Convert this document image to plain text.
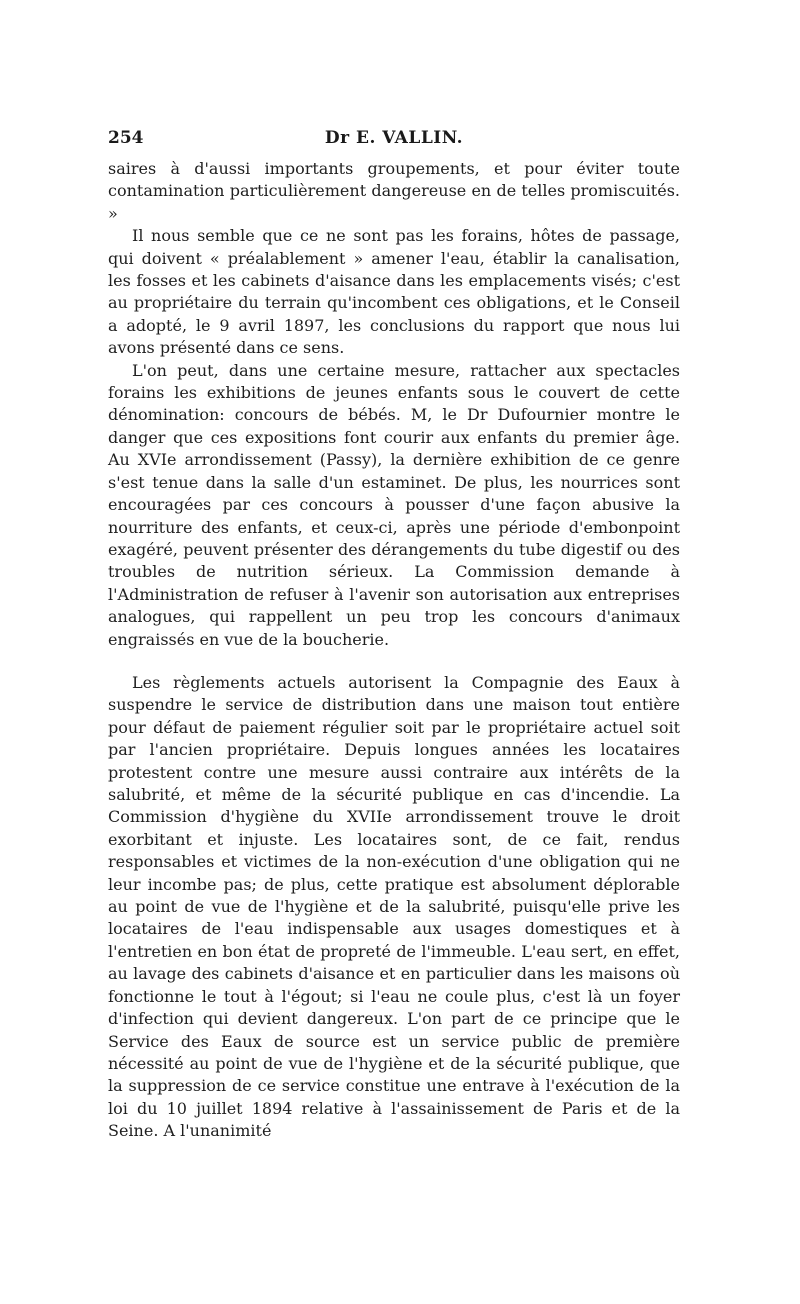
254	Dr E. VALLIN.

saires à d'aussi importants groupements, et pour éviter toute contamination particulièrement dangereuse en de telles promiscuités. »

Il nous semble que ce ne sont pas les forains, hôtes de passage, qui doivent « préalablement » amener l'eau, établir la canalisation, les fosses et les cabinets d'aisance dans les emplacements visés; c'est au propriétaire du terrain qu'incombent ces obligations, et le Conseil a adopté, le 9 avril 1897, les conclusions du rapport que nous lui avons présenté dans ce sens.

L'on peut, dans une certaine mesure, rattacher aux spectacles forains les exhibitions de jeunes enfants sous le couvert de cette dénomination: concours de bébés. M, le Dr Dufournier montre le danger que ces expositions font courir aux enfants du premier âge. Au XVIe arrondissement (Passy), la dernière exhibition de ce genre s'est tenue dans la salle d'un estaminet. De plus, les nourrices sont encouragées par ces concours à pousser d'une façon abusive la nourriture des enfants, et ceux-ci, après une période d'embonpoint exagéré, peuvent présenter des dérangements du tube digestif ou des troubles de nutrition sérieux. La Commission demande à l'Administration de refuser à l'avenir son autorisation aux entreprises analogues, qui rappellent un peu trop les concours d'animaux engraissés en vue de la boucherie.

Les règlements actuels autorisent la Compagnie des Eaux à suspendre le service de distribution dans une maison tout entière pour défaut de paiement régulier soit par le propriétaire actuel soit par l'ancien propriétaire. Depuis longues années les locataires protestent contre une mesure aussi contraire aux intérêts de la salubrité, et même de la sécurité publique en cas d'incendie. La Commission d'hygiène du XVIIe arrondissement trouve le droit exorbitant et injuste. Les locataires sont, de ce fait, rendus responsables et victimes de la non-exécution d'une obligation qui ne leur incombe pas; de plus, cette pratique est absolument déplorable au point de vue de l'hygiène et de la salubrité, puisqu'elle prive les locataires de l'eau indispensable aux usages domestiques et à l'entretien en bon état de propreté de l'immeuble. L'eau sert, en effet, au lavage des cabinets d'aisance et en particulier dans les maisons où fonctionne le tout à l'égout; si l'eau ne coule plus, c'est là un foyer d'infection qui devient dangereux. L'on part de ce principe que le Service des Eaux de source est un service public de première nécessité au point de vue de l'hygiène et de la sécurité publique, que la suppression de ce service constitue une entrave à l'exécution de la loi du 10 juillet 1894 relative à l'assainissement de Paris et de la Seine. A l'unanimité
